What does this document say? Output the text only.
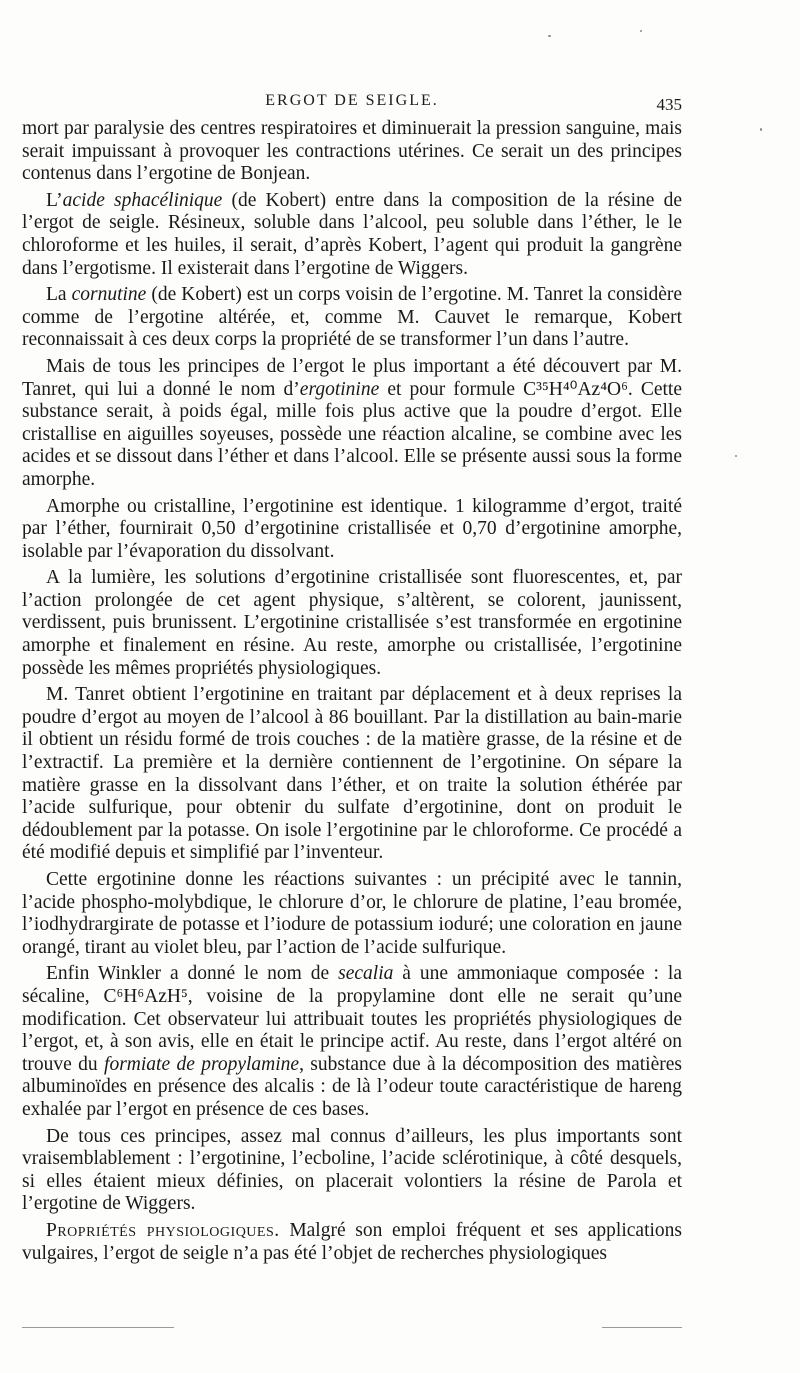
ERGOT DE SEIGLE.	435

mort par paralysie des centres respiratoires et diminuerait la pression sanguine, mais serait impuissant à provoquer les contractions utérines. Ce serait un des principes contenus dans l’ergotine de Bonjean.

L’acide sphacélinique (de Kobert) entre dans la composition de la résine de l’ergot de seigle. Résineux, soluble dans l’alcool, peu soluble dans l’éther, le le chloroforme et les huiles, il serait, d’après Kobert, l’agent qui produit la gangrène dans l’ergotisme. Il existerait dans l’ergotine de Wiggers.

La cornutine (de Kobert) est un corps voisin de l’ergotine. M. Tanret la considère comme de l’ergotine altérée, et, comme M. Cauvet le remarque, Kobert reconnaissait à ces deux corps la propriété de se transformer l’un dans l’autre.

Mais de tous les principes de l’ergot le plus important a été découvert par M. Tanret, qui lui a donné le nom d’ergotinine et pour formule C³⁵H⁴⁰Az⁴O⁶. Cette substance serait, à poids égal, mille fois plus active que la poudre d’ergot. Elle cristallise en aiguilles soyeuses, possède une réaction alcaline, se combine avec les acides et se dissout dans l’éther et dans l’alcool. Elle se présente aussi sous la forme amorphe.

Amorphe ou cristalline, l’ergotinine est identique. 1 kilogramme d’ergot, traité par l’éther, fournirait 0,50 d’ergotinine cristallisée et 0,70 d’ergotinine amorphe, isolable par l’évaporation du dissolvant.

A la lumière, les solutions d’ergotinine cristallisée sont fluorescentes, et, par l’action prolongée de cet agent physique, s’altèrent, se colorent, jaunissent, verdissent, puis brunissent. L’ergotinine cristallisée s’est transformée en ergotinine amorphe et finalement en résine. Au reste, amorphe ou cristallisée, l’ergotinine possède les mêmes propriétés physiologiques.

M. Tanret obtient l’ergotinine en traitant par déplacement et à deux reprises la poudre d’ergot au moyen de l’alcool à 86 bouillant. Par la distillation au bain-marie il obtient un résidu formé de trois couches : de la matière grasse, de la résine et de l’extractif. La première et la dernière contiennent de l’ergotinine. On sépare la matière grasse en la dissolvant dans l’éther, et on traite la solution éthérée par l’acide sulfurique, pour obtenir du sulfate d’ergotinine, dont on produit le dédoublement par la potasse. On isole l’ergotinine par le chloroforme. Ce procédé a été modifié depuis et simplifié par l’inventeur.

Cette ergotinine donne les réactions suivantes : un précipité avec le tannin, l’acide phospho-molybdique, le chlorure d’or, le chlorure de platine, l’eau bromée, l’iodhydrargirate de potasse et l’iodure de potassium ioduré; une coloration en jaune orangé, tirant au violet bleu, par l’action de l’acide sulfurique.

Enfin Winkler a donné le nom de secalia à une ammoniaque composée : la sécaline, C⁶H⁶AzH⁵, voisine de la propylamine dont elle ne serait qu’une modification. Cet observateur lui attribuait toutes les propriétés physiologiques de l’ergot, et, à son avis, elle en était le principe actif. Au reste, dans l’ergot altéré on trouve du formiate de propylamine, substance due à la décomposition des matières albuminoïdes en présence des alcalis : de là l’odeur toute caractéristique de hareng exhalée par l’ergot en présence de ces bases.

De tous ces principes, assez mal connus d’ailleurs, les plus importants sont vraisemblablement : l’ergotinine, l’ecboline, l’acide sclérotinique, à côté desquels, si elles étaient mieux définies, on placerait volontiers la résine de Parola et l’ergotine de Wiggers.

Propriétés physiologiques. Malgré son emploi fréquent et ses applications vulgaires, l’ergot de seigle n’a pas été l’objet de recherches physiologiques
